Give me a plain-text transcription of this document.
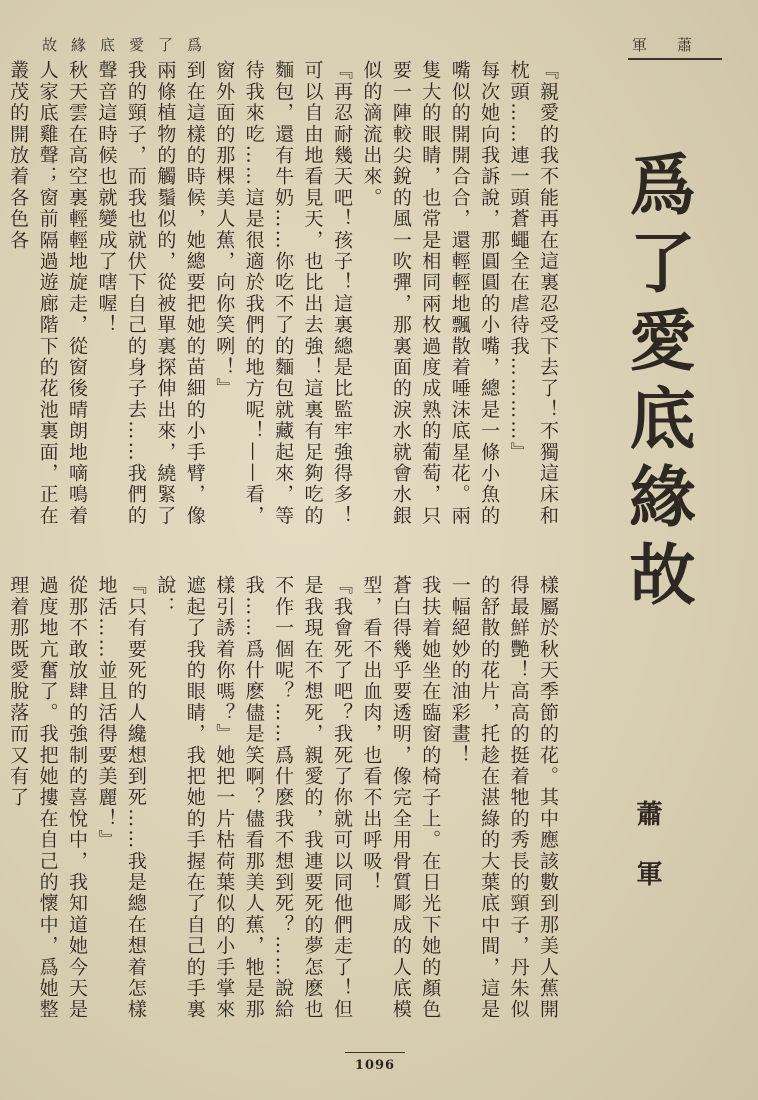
故緣底愛了爲	軍蕭
爲了愛底緣故
蕭軍

『親愛的我不能再在這裏忍受下去了！不獨這床和枕頭……連一頭蒼蠅全在虐待我…………』

每次她向我訴說，那圓圓的小嘴，總是一條小魚的嘴似的開開合合，還輕輕地飄散着唾沫底星花。兩隻大的眼睛，也常是相同兩枚過度成熟的葡萄，只要一陣較尖銳的風一吹彈，那裏面的淚水就會水銀似的滴流出來。

『再忍耐幾天吧！孩子！這裏總是比監牢強得多！可以自由地看見天，也比出去強！這裏有足夠吃的麵包，還有牛奶……你吃不了的麵包就藏起來，等待我來吃……這是很適於我們的地方呢！——看，窗外面的那棵美人蕉，向你笑咧！』

到在這樣的時候，她總要把她的苗細的小手臂，像兩條植物的觸鬚似的，從被單裏探伸出來，繞緊了我的頸子，而我也就伏下自己的身子去……我們的聲音這時候也就變成了嗐喔！

秋天雲在高空裏輕輕地旋走，從窗後晴朗地嘀鳴着人家底雞聲；窗前隔過遊廊階下的花池裏面，正在叢茂的開放着各色各

樣屬於秋天季節的花。其中應該數到那美人蕉開得最鮮艷！高高的挺着牠的秀長的頸子，丹朱似的舒散的花片，托趁在湛綠的大葉底中間，這是一幅絕妙的油彩畫！

我扶着她坐在臨窗的椅子上。在日光下她的顏色蒼白得幾乎要透明，像完全用骨質彫成的人底模型，看不出血肉，也看不出呼吸！

『我會死了吧？我死了你就可以同他們走了！但是我現在不想死，親愛的，我連要死的夢怎麽也不作一個呢？……爲什麽我不想到死？……說給我……爲什麽儘是笑啊？儘看那美人蕉，牠是那樣引誘着你嗎？』她把一片枯荷葉似的小手掌來遮起了我的眼睛，我把她的手握在了自己的手裏說：

『只有要死的人纔想到死……我是總在想着怎樣地活……並且活得要美麗！』

從那不敢放肆的強制的喜悅中，我知道她今天是過度地亢奮了。我把她摟在自己的懷中，爲她整理着那既愛脫落而又有了

1096
